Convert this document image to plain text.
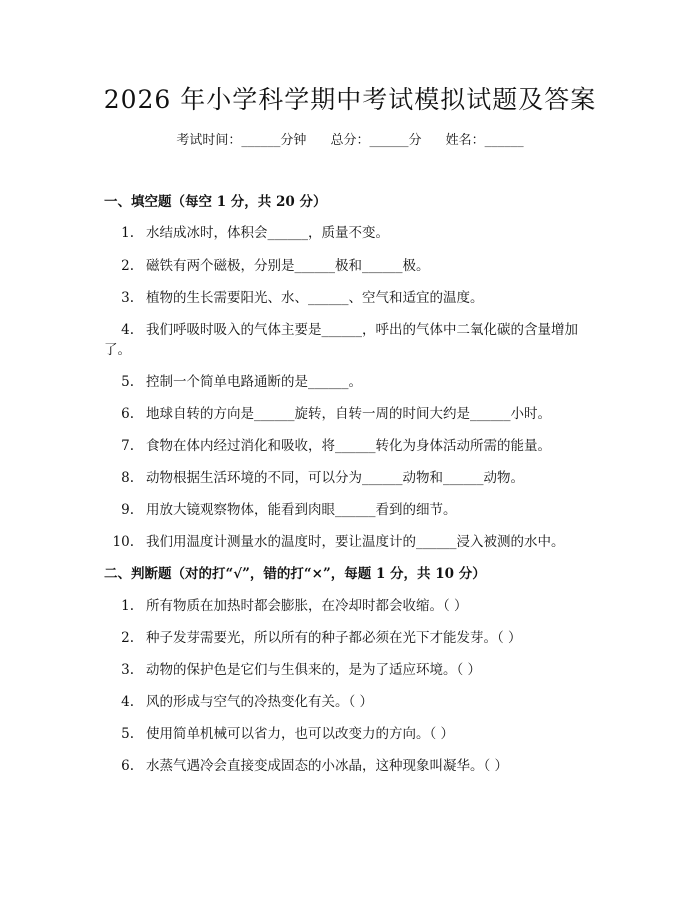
2026 年小学科学期中考试模拟试题及答案
考试时间：______分钟 总分：______分 姓名：______
一、填空题（每空 1 分，共 20 分）
1. 水结成冰时，体积会______，质量不变。
2. 磁铁有两个磁极，分别是______极和______极。
3. 植物的生长需要阳光、水、______、空气和适宜的温度。
4. 我们呼吸时吸入的气体主要是______，呼出的气体中二氧化碳的含量增加了。
5. 控制一个简单电路通断的是______。
6. 地球自转的方向是______旋转，自转一周的时间大约是______小时。
7. 食物在体内经过消化和吸收，将______转化为身体活动所需的能量。
8. 动物根据生活环境的不同，可以分为______动物和______动物。
9. 用放大镜观察物体，能看到肉眼______看到的细节。
10. 我们用温度计测量水的温度时，要让温度计的______浸入被测的水中。
二、判断题（对的打“√”，错的打“×”，每题 1 分，共 10 分）
1. 所有物质在加热时都会膨胀，在冷却时都会收缩。（ ）
2. 种子发芽需要光，所以所有的种子都必须在光下才能发芽。（ ）
3. 动物的保护色是它们与生俱来的，是为了适应环境。（ ）
4. 风的形成与空气的冷热变化有关。（ ）
5. 使用简单机械可以省力，也可以改变力的方向。（ ）
6. 水蒸气遇冷会直接变成固态的小冰晶，这种现象叫凝华。（ ）
